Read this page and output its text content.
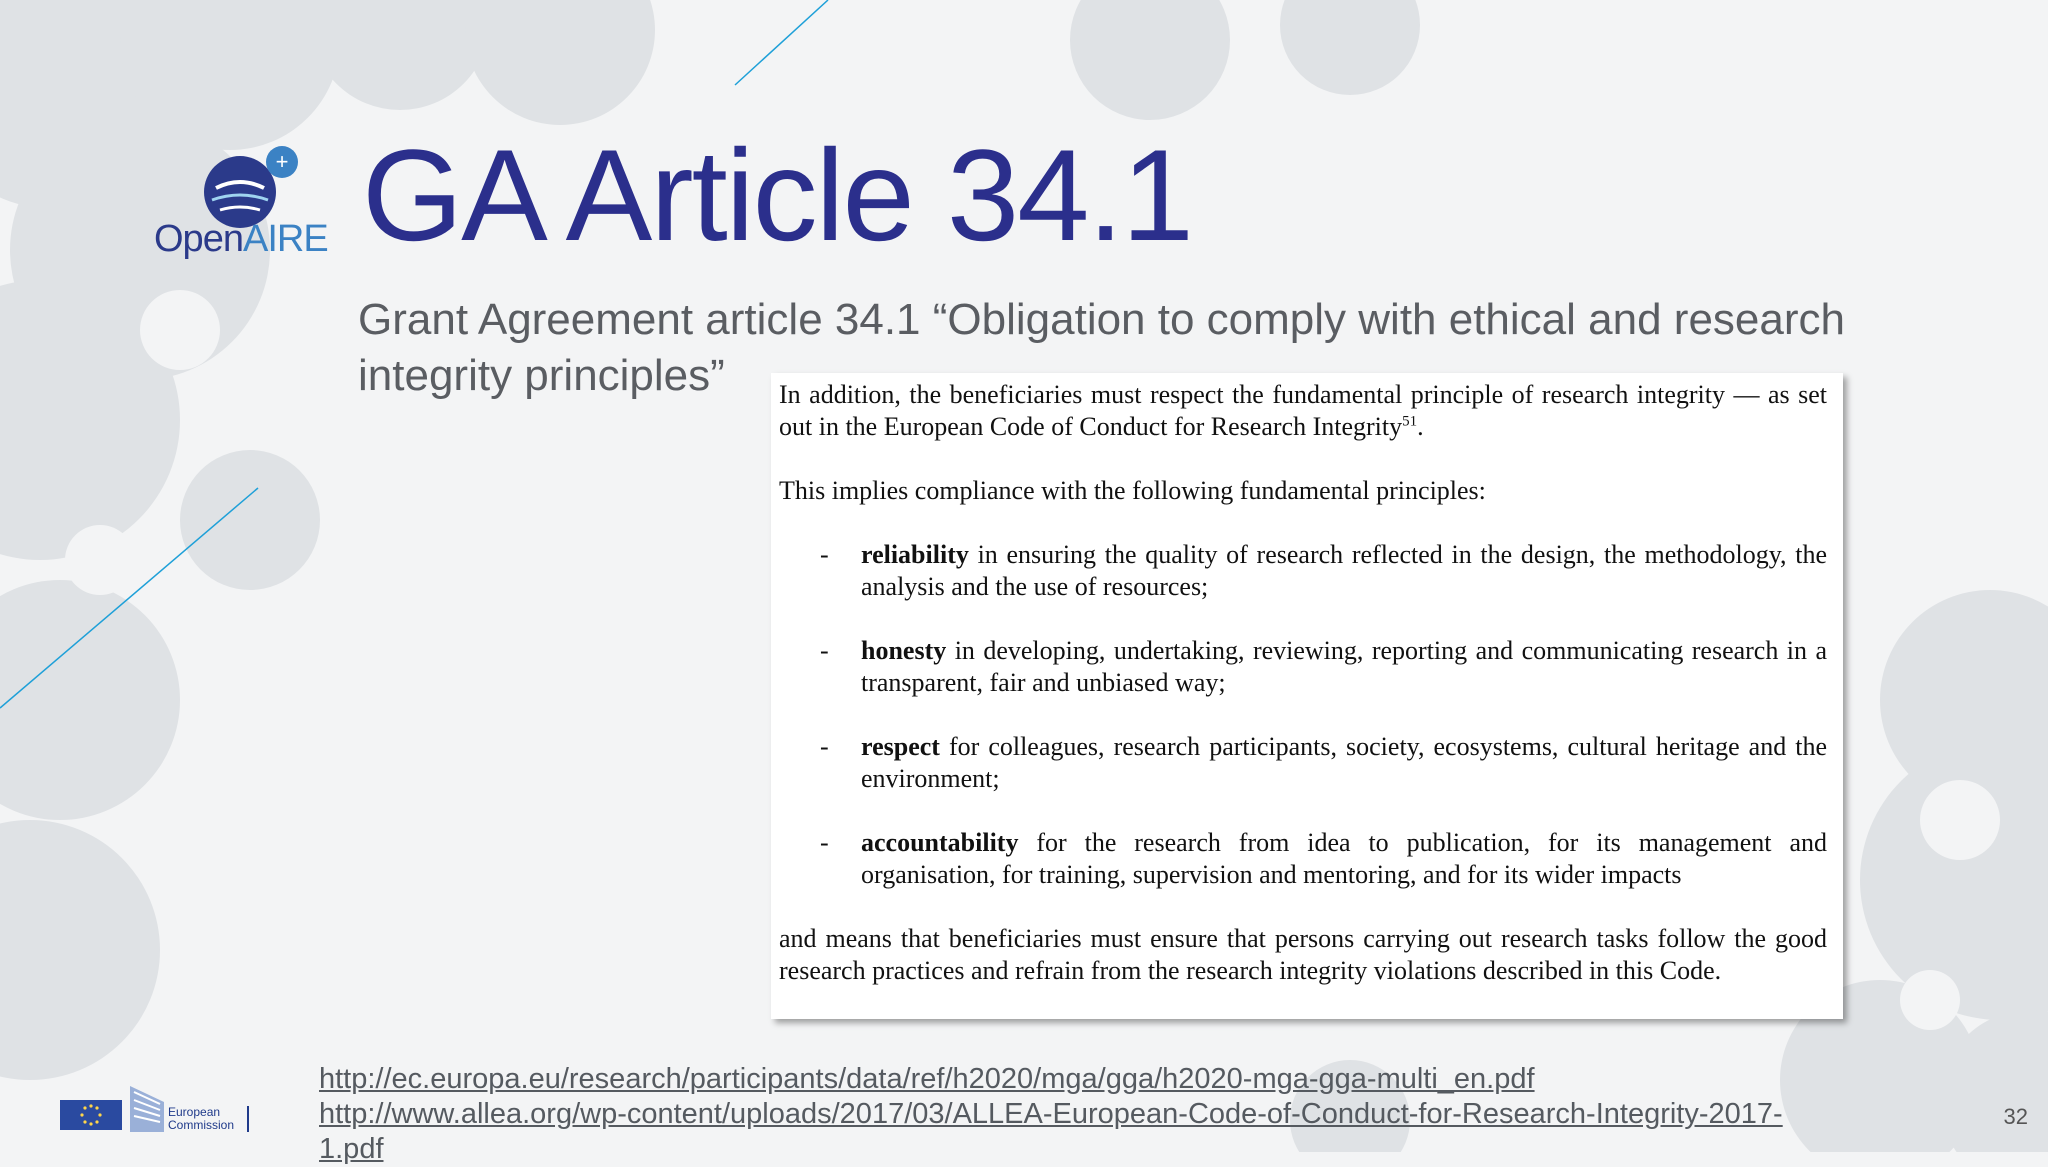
+
OpenAIRE GA Article 34.1

Grant Agreement article 34.1 “Obligation to comply with ethical and research integrity principles”	In addition, the beneficiaries must respect the fundamental principle of research integrity — as set out in the European Code of Conduct for Research Integrity$^{51}$.

This implies compliance with the following fundamental principles:

- reliability in ensuring the quality of research reflected in the design, the methodology, the analysis and the use of resources;
- honesty in developing, undertaking, reviewing, reporting and communicating research in a transparent, fair and unbiased way;
- respect for colleagues, research participants, society, ecosystems, cultural heritage and the environment;
- accountability for the research from idea to publication, for its management and organisation, for training, supervision and mentoring, and for its wider impacts

and means that beneficiaries must ensure that persons carrying out research tasks follow the good research practices and refrain from the research integrity violations described in this Code.

http://ec.europa.eu/research/participants/data/ref/h2020/mga/gga/h2020-mga-gga-multi_en.pdf
http://www.allea.org/wp-content/uploads/2017/03/ALLEA-European-Code-of-Conduct-for-Research-Integrity-2017-
1.pdf
European
Commission	32
